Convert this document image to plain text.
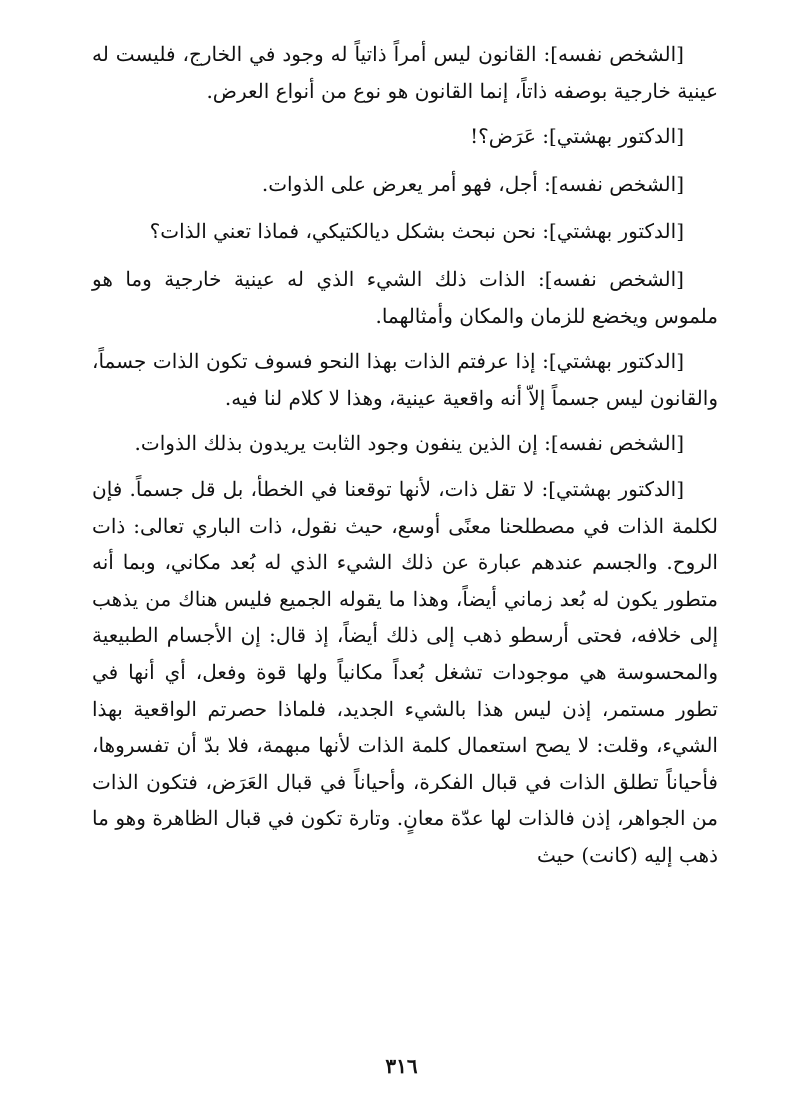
[الشخص نفسه]: القانون ليس أمراً ذاتياً له وجود في الخارج، فليست له عينية خارجية بوصفه ذاتاً، إنما القانون هو نوع من أنواع العرض.

[الدكتور بهشتي]: عَرَض؟!

[الشخص نفسه]: أجل، فهو أمر يعرض على الذوات.

[الدكتور بهشتي]: نحن نبحث بشكل ديالكتيكي، فماذا تعني الذات؟

[الشخص نفسه]: الذات ذلك الشيء الذي له عينية خارجية وما هو ملموس ويخضع للزمان والمكان وأمثالهما.

[الدكتور بهشتي]: إذا عرفتم الذات بهذا النحو فسوف تكون الذات جسماً، والقانون ليس جسماً إلاّ أنه واقعية عينية، وهذا لا كلام لنا فيه.

[الشخص نفسه]: إن الذين ينفون وجود الثابت يريدون بذلك الذوات.

[الدكتور بهشتي]: لا تقل ذات، لأنها توقعنا في الخطأ، بل قل جسماً. فإن لكلمة الذات في مصطلحنا معنًى أوسع، حيث نقول، ذات الباري تعالى: ذات الروح. والجسم عندهم عبارة عن ذلك الشيء الذي له بُعد مكاني، وبما أنه متطور يكون له بُعد زماني أيضاً، وهذا ما يقوله الجميع فليس هناك من يذهب إلى خلافه، فحتى أرسطو ذهب إلى ذلك أيضاً، إذ قال: إن الأجسام الطبيعية والمحسوسة هي موجودات تشغل بُعداً مكانياً ولها قوة وفعل، أي أنها في تطور مستمر، إذن ليس هذا بالشيء الجديد، فلماذا حصرتم الواقعية بهذا الشيء، وقلت: لا يصح استعمال كلمة الذات لأنها مبهمة، فلا بدّ أن تفسروها، فأحياناً تطلق الذات في قبال الفكرة، وأحياناً في قبال العَرَض، فتكون الذات من الجواهر، إذن فالذات لها عدّة معانٍ. وتارة تكون في قبال الظاهرة وهو ما ذهب إليه (كانت) حيث

٣١٦
